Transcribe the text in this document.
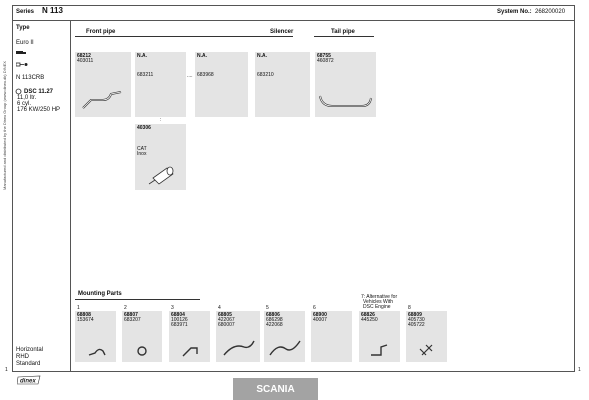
Series N 113	System No.: 268200020
Type
Euro II
N 113CRB
DSC 11.27
11,0 ltr.
6 cyl.
176 KW/250 HP
Horizontal
RHD
Standard
Manufactured and distributed by the Dinex Group (www.dinex.dk) DINEX
Front pipe	Silencer	Tail pipe
68212
403011
N.A.
683211	....
N.A.
683968
N.A.
683210
68755
460872
:
40306
CAT
Inox
Mounting Parts	7: Alternative for
Vehicles With
DSC Engine
1
68808
153674
2
68807
683207
3
68804
100126
683971
4
68805
422067
680007
5
68806
686298
422068
6
68900
40007
68826
445250
8
68809
405730
405722
1	1
dinex
SCANIA
